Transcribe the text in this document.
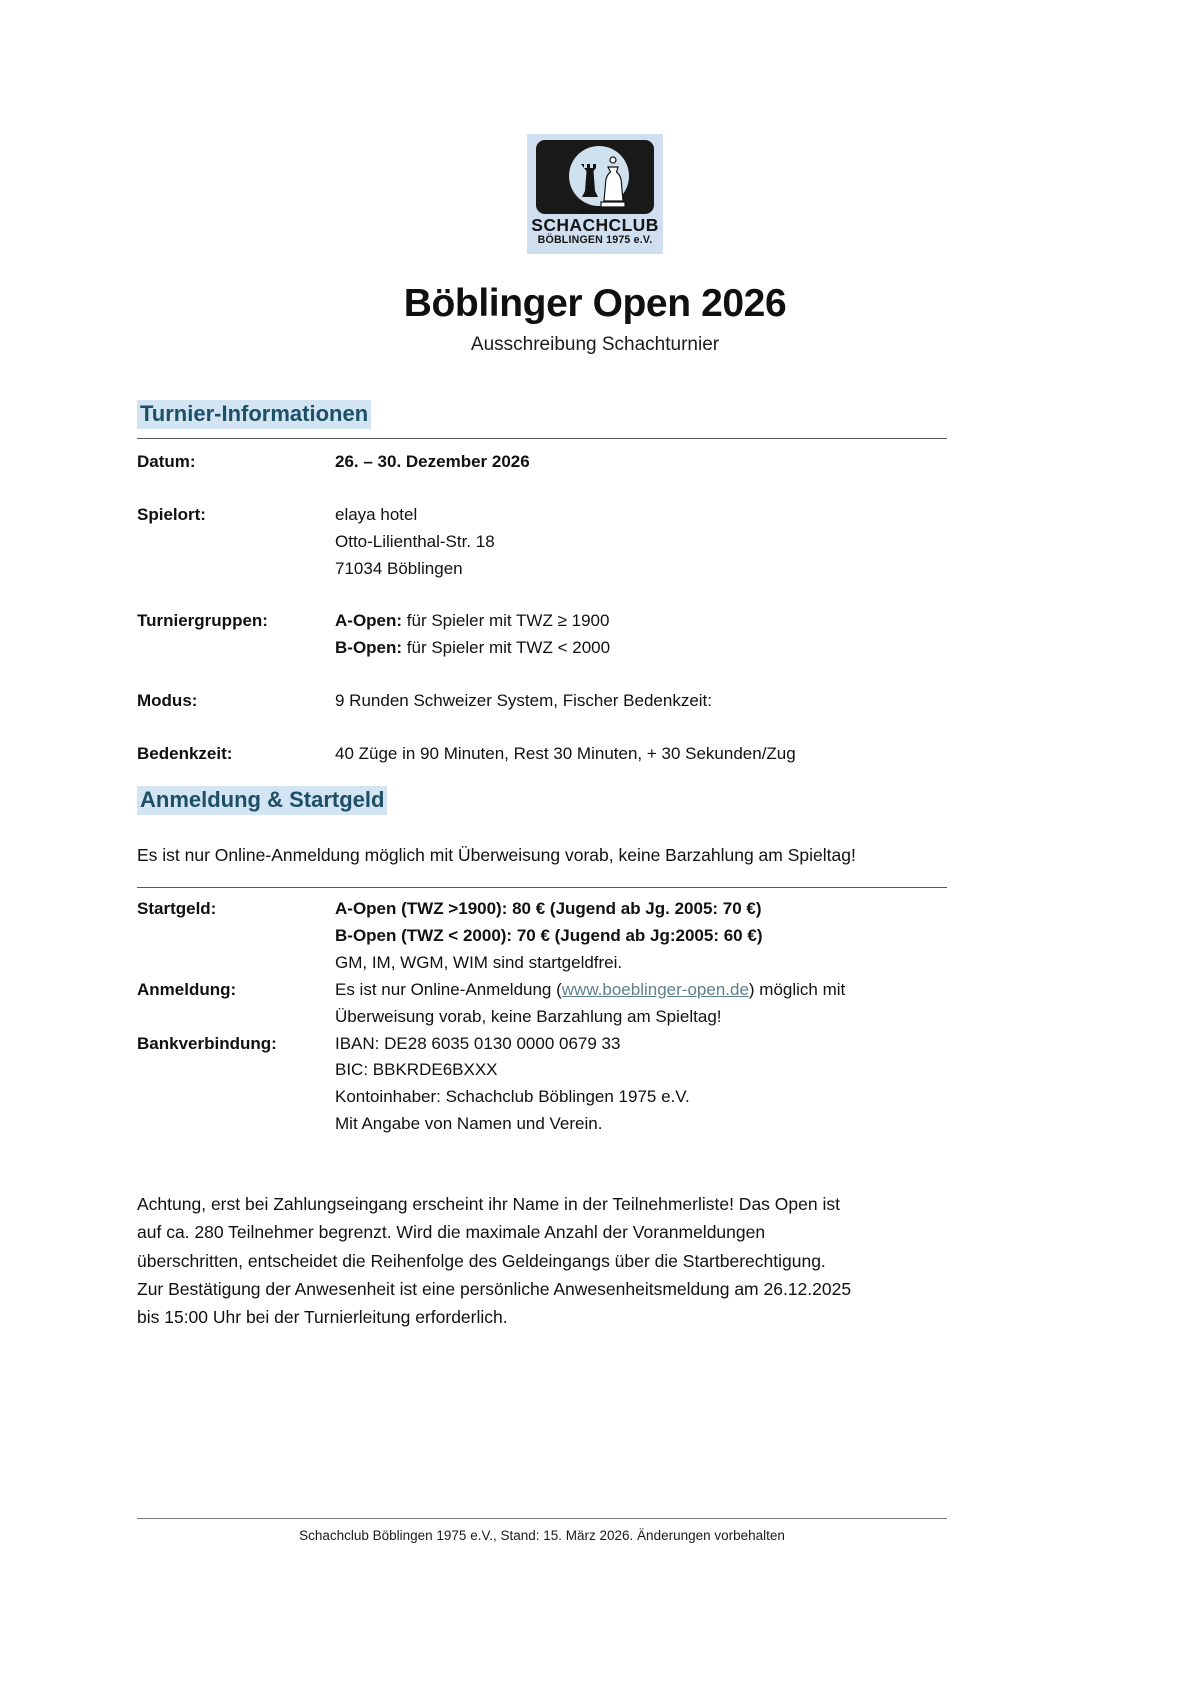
SCHACHCLUB
BÖBLINGEN 1975 e.V.
Böblinger Open 2026
Ausschreibung Schachturnier
Turnier-Informationen
Datum:	26. – 30. Dezember 2026

Spielort:	elaya hotel
Otto-Lilienthal-Str. 18
71034 Böblingen

Turniergruppen:	A-Open: für Spieler mit TWZ ≥ 1900
B-Open: für Spieler mit TWZ < 2000

Modus:	9 Runden Schweizer System, Fischer Bedenkzeit:

Bedenkzeit:	40 Züge in 90 Minuten, Rest 30 Minuten, + 30 Sekunden/Zug
Anmeldung & Startgeld
Es ist nur Online-Anmeldung möglich mit Überweisung vorab, keine Barzahlung am Spieltag!
Startgeld:	A-Open (TWZ >1900): 80 € (Jugend ab Jg. 2005: 70 €)
B-Open (TWZ < 2000): 70 € (Jugend ab Jg:2005: 60 €)
GM, IM, WGM, WIM sind startgeldfrei.

Anmeldung:	Es ist nur Online-Anmeldung (www.boeblinger-open.de) möglich mit
Überweisung vorab, keine Barzahlung am Spieltag!

Bankverbindung:	IBAN: DE28 6035 0130 0000 0679 33
BIC: BBKRDE6BXXX
Kontoinhaber: Schachclub Böblingen 1975 e.V.
Mit Angabe von Namen und Verein.
Achtung, erst bei Zahlungseingang erscheint ihr Name in der Teilnehmerliste! Das Open ist
auf ca. 280 Teilnehmer begrenzt. Wird die maximale Anzahl der Voranmeldungen
überschritten, entscheidet die Reihenfolge des Geldeingangs über die Startberechtigung.
Zur Bestätigung der Anwesenheit ist eine persönliche Anwesenheitsmeldung am 26.12.2025
bis 15:00 Uhr bei der Turnierleitung erforderlich.
Schachclub Böblingen 1975 e.V., Stand: 15. März 2026. Änderungen vorbehalten
